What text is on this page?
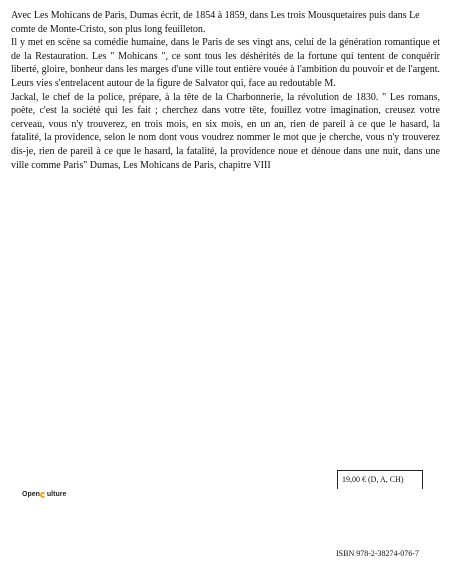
Avec Les Mohicans de Paris, Dumas écrit, de 1854 à 1859, dans Les trois Mousquetaires puis dans Le comte de Monte-Cristo, son plus long feuilleton.

Il y met en scène sa comédie humaine, dans le Paris de ses vingt ans, celui de la génération romantique et de la Restauration. Les " Mohicans ", ce sont tous les déshérités de la fortune qui tentent de conquérir liberté, gloire, bonheur dans les marges d'une ville tout entière vouée à l'ambition du pouvoir et de l'argent. Leurs vies s'entrelacent autour de la figure de Salvator qui, face au redoutable M.

Jackal, le chef de la police, prépare, à la tête de la Charbonnerie, la révolution de 1830. " Les romans, poète, c'est la société qui les fait ; cherchez dans votre tête, fouillez votre imagination, creusez votre cerveau, vous n'y trouverez, en trois mois, en six mois, en un an, rien de pareil à ce que le hasard, la fatalité, la providence, selon le nom dont vous voudrez nommer le mot que je cherche, vous n'y trouverez dis-je, rien de pareil à ce que le hasard, la fatalité, la providence noue et dénoue dans une nuit, dans une ville comme Paris" Dumas, Les Mohicans de Paris, chapitre VIII

Open ulture
19,00 € (D, A, CH)
ISBN 978-2-38274-076-7
